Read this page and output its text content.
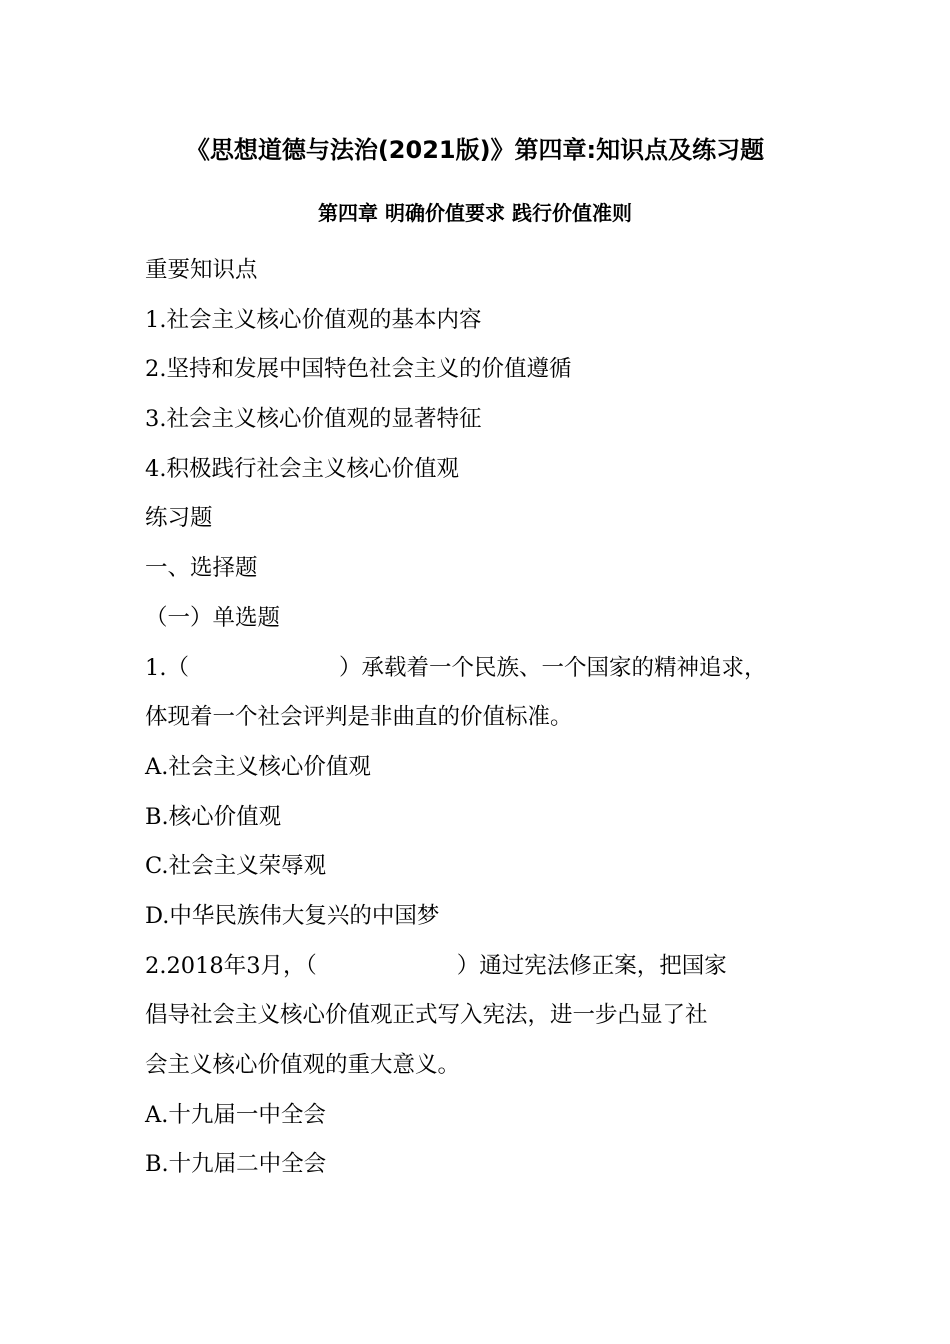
《思想道德与法治(2021版)》第四章:知识点及练习题
第四章 明确价值要求 践行价值准则
重要知识点
1.社会主义核心价值观的基本内容
2.坚持和发展中国特色社会主义的价值遵循
3.社会主义核心价值观的显著特征
4.积极践行社会主义核心价值观
练习题
一、选择题
（一）单选题
1.（	）承载着一个民族、一个国家的精神追求，
体现着一个社会评判是非曲直的价值标准。
A.社会主义核心价值观
B.核心价值观
C.社会主义荣辱观
D.中华民族伟大复兴的中国梦
2.2018年3月，（	）通过宪法修正案，把国家
倡导社会主义核心价值观正式写入宪法，进一步凸显了社
会主义核心价值观的重大意义。
A.十九届一中全会
B.十九届二中全会
